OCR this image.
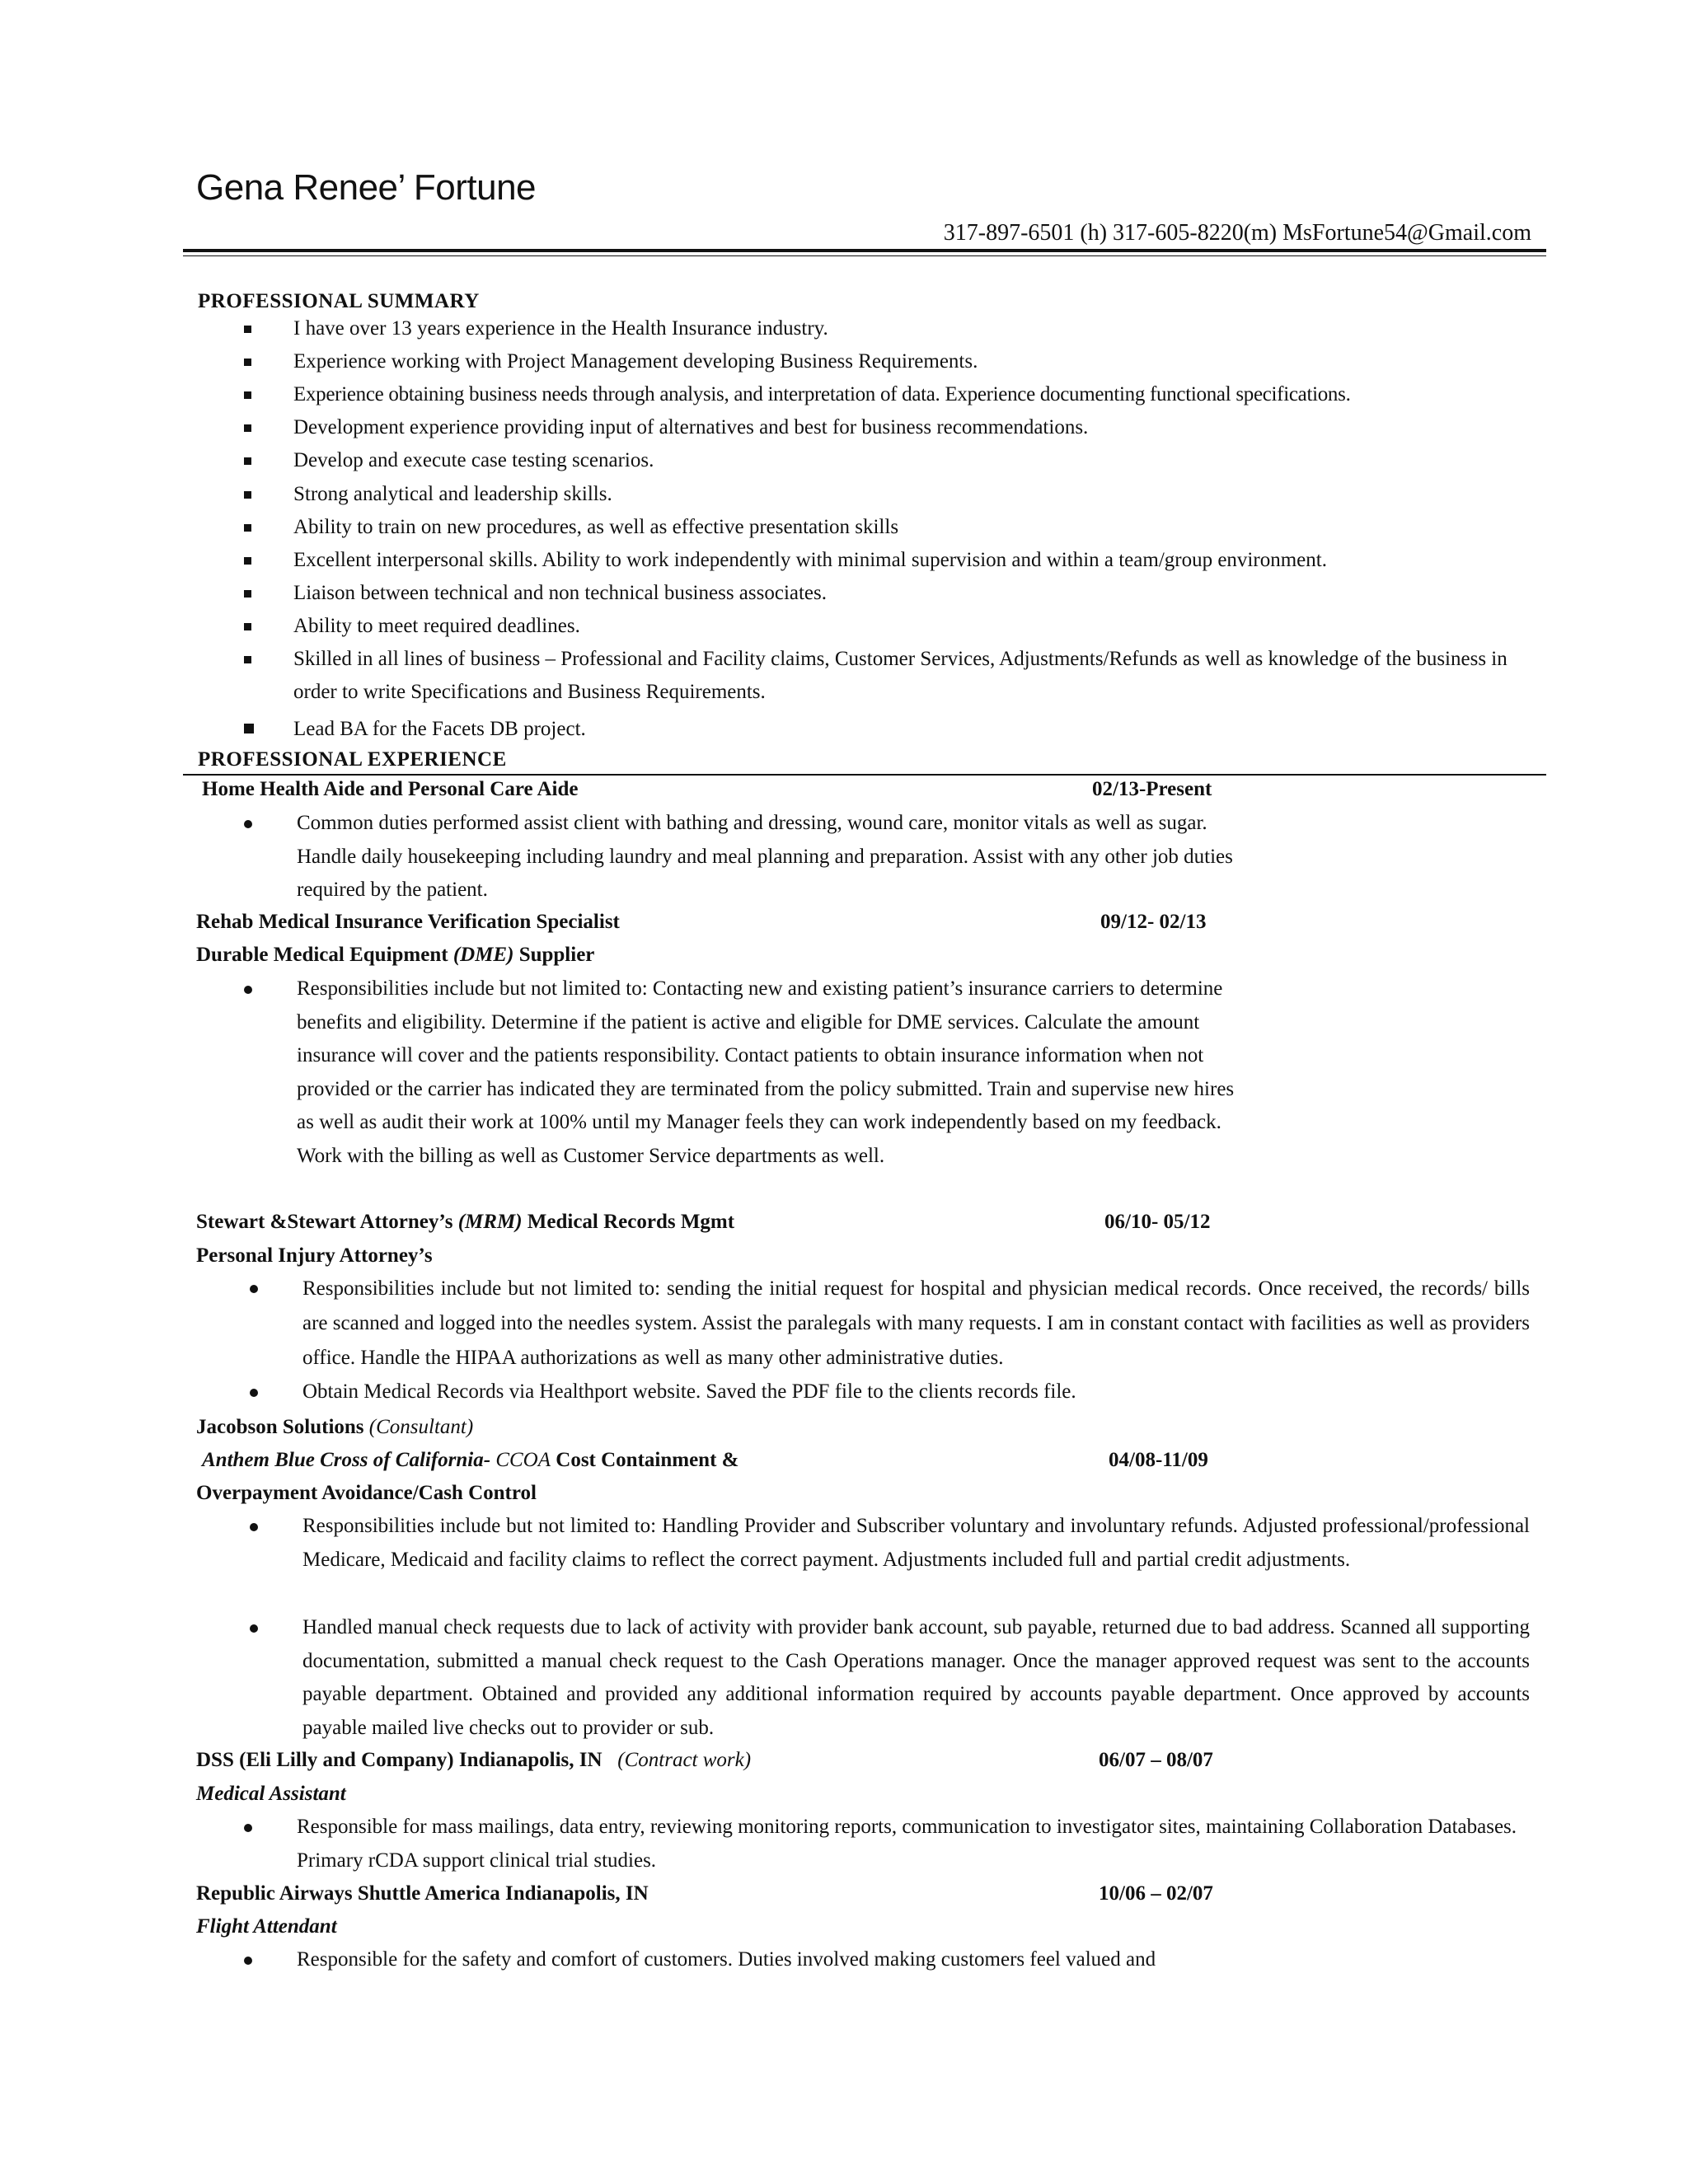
Gena Renee’ Fortune
317-897-6501 (h) 317-605-8220(m) MsFortune54@Gmail.com
PROFESSIONAL SUMMARY
I have over 13 years experience in the Health Insurance industry.
Experience working with Project Management developing Business Requirements.
Experience obtaining business needs through analysis, and interpretation of data. Experience documenting functional specifications.
Development experience providing input of alternatives and best for business recommendations.
Develop and execute case testing scenarios.
Strong analytical and leadership skills.
Ability to train on new procedures, as well as effective presentation skills
Excellent interpersonal skills. Ability to work independently with minimal supervision and within a team/group environment.
Liaison between technical and non technical business associates.
Ability to meet required deadlines.
Skilled in all lines of business – Professional and Facility claims, Customer Services, Adjustments/Refunds as well as knowledge of the business in order to write Specifications and Business Requirements.
Lead BA for the Facets DB project.
PROFESSIONAL EXPERIENCE
Home Health Aide and Personal Care Aide	02/13-Present
Common duties performed assist client with bathing and dressing, wound care, monitor vitals as well as sugar. Handle daily housekeeping including laundry and meal planning and preparation. Assist with any other job duties required by the patient.
Rehab Medical Insurance Verification Specialist	09/12- 02/13
Durable Medical Equipment (DME) Supplier
Responsibilities include but not limited to: Contacting new and existing patient’s insurance carriers to determine benefits and eligibility. Determine if the patient is active and eligible for DME services. Calculate the amount insurance will cover and the patients responsibility. Contact patients to obtain insurance information when not provided or the carrier has indicated they are terminated from the policy submitted. Train and supervise new hires as well as audit their work at 100% until my Manager feels they can work independently based on my feedback. Work with the billing as well as Customer Service departments as well.
Stewart &Stewart Attorney’s (MRM) Medical Records Mgmt	06/10- 05/12
Personal Injury Attorney’s
Responsibilities include but not limited to: sending the initial request for hospital and physician medical records. Once received, the records/ bills are scanned and logged into the needles system. Assist the paralegals with many requests. I am in constant contact with facilities as well as providers office. Handle the HIPAA authorizations as well as many other administrative duties.
Obtain Medical Records via Healthport website. Saved the PDF file to the clients records file.
Jacobson Solutions (Consultant)
Anthem Blue Cross of California- CCOA Cost Containment &	04/08-11/09
Overpayment Avoidance/Cash Control
Responsibilities include but not limited to: Handling Provider and Subscriber voluntary and involuntary refunds. Adjusted professional/professional Medicare, Medicaid and facility claims to reflect the correct payment. Adjustments included full and partial credit adjustments.
Handled manual check requests due to lack of activity with provider bank account, sub payable, returned due to bad address. Scanned all supporting documentation, submitted a manual check request to the Cash Operations manager. Once the manager approved request was sent to the accounts payable department. Obtained and provided any additional information required by accounts payable department. Once approved by accounts payable mailed live checks out to provider or sub.
DSS (Eli Lilly and Company) Indianapolis, IN (Contract work)	06/07 – 08/07
Medical Assistant
Responsible for mass mailings, data entry, reviewing monitoring reports, communication to investigator sites, maintaining Collaboration Databases. Primary rCDA support clinical trial studies.
Republic Airways Shuttle America Indianapolis, IN	10/06 – 02/07
Flight Attendant
Responsible for the safety and comfort of customers. Duties involved making customers feel valued and
